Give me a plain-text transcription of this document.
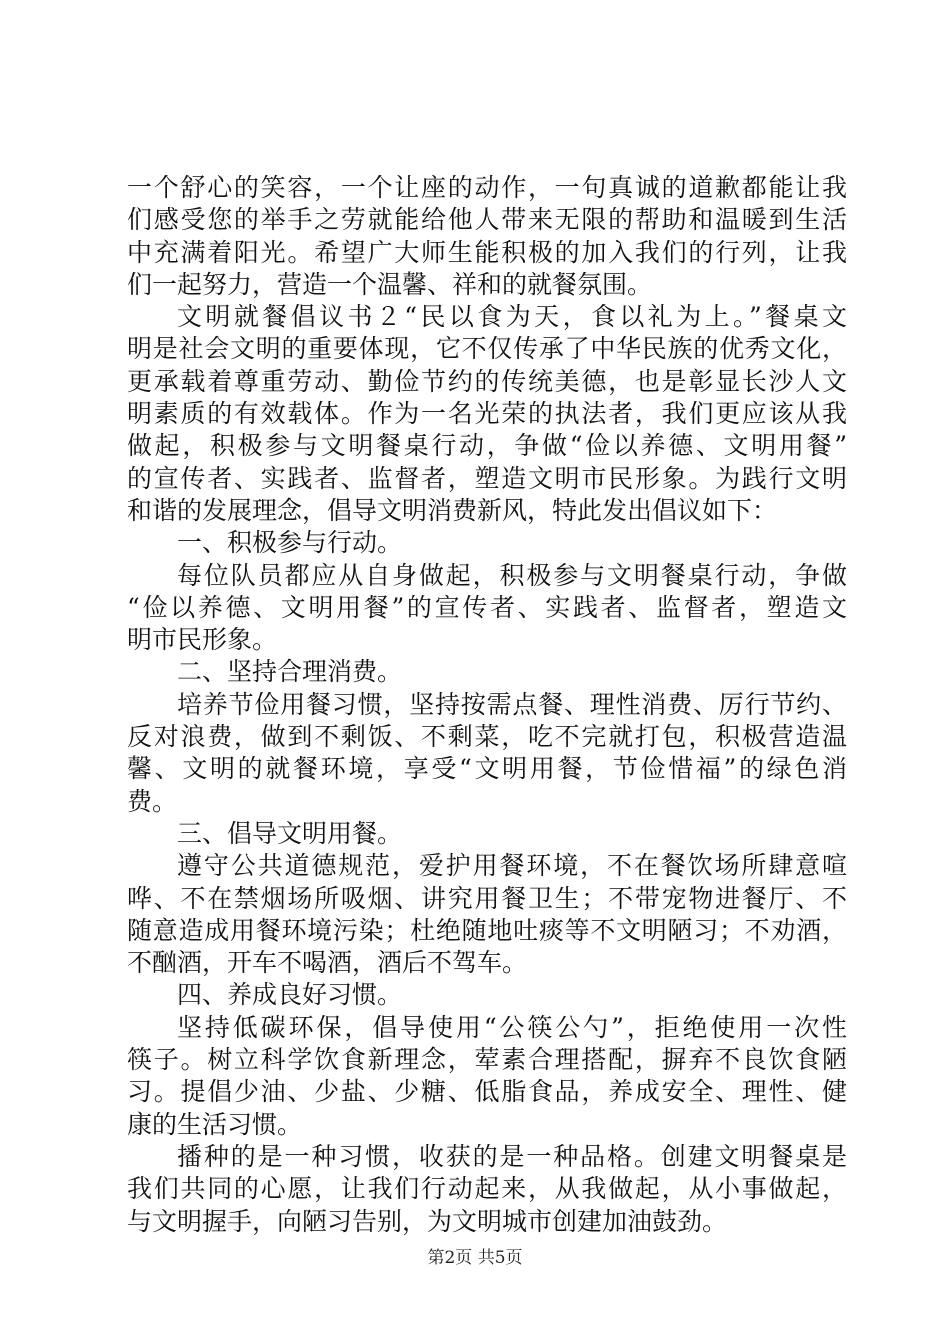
一个舒心的笑容，一个让座的动作，一句真诚的道歉都能让我
们感受您的举手之劳就能给他人带来无限的帮助和温暖到生活
中充满着阳光。希望广大师生能积极的加入我们的行列，让我
们一起努力，营造一个温馨、祥和的就餐氛围。
文明就餐倡议书２“民以食为天，食以礼为上。”餐桌文
明是社会文明的重要体现，它不仅传承了中华民族的优秀文化，
更承载着尊重劳动、勤俭节约的传统美德，也是彰显长沙人文
明素质的有效载体。作为一名光荣的执法者，我们更应该从我
做起，积极参与文明餐桌行动，争做“俭以养德、文明用餐”
的宣传者、实践者、监督者，塑造文明市民形象。为践行文明
和谐的发展理念，倡导文明消费新风，特此发出倡议如下：
一、积极参与行动。
每位队员都应从自身做起，积极参与文明餐桌行动，争做
“俭以养德、文明用餐”的宣传者、实践者、监督者，塑造文
明市民形象。
二、坚持合理消费。
培养节俭用餐习惯，坚持按需点餐、理性消费、厉行节约、
反对浪费，做到不剩饭、不剩菜，吃不完就打包，积极营造温
馨、文明的就餐环境，享受“文明用餐，节俭惜福”的绿色消
费。
三、倡导文明用餐。
遵守公共道德规范，爱护用餐环境，不在餐饮场所肆意喧
哗、不在禁烟场所吸烟、讲究用餐卫生；不带宠物进餐厅、不
随意造成用餐环境污染；杜绝随地吐痰等不文明陋习；不劝酒，
不酗酒，开车不喝酒，酒后不驾车。
四、养成良好习惯。
坚持低碳环保，倡导使用“公筷公勺”，拒绝使用一次性
筷子。树立科学饮食新理念，荤素合理搭配，摒弃不良饮食陋
习。提倡少油、少盐、少糖、低脂食品，养成安全、理性、健
康的生活习惯。
播种的是一种习惯，收获的是一种品格。创建文明餐桌是
我们共同的心愿，让我们行动起来，从我做起，从小事做起，
与文明握手，向陋习告别，为文明城市创建加油鼓劲。
第2页 共5页
